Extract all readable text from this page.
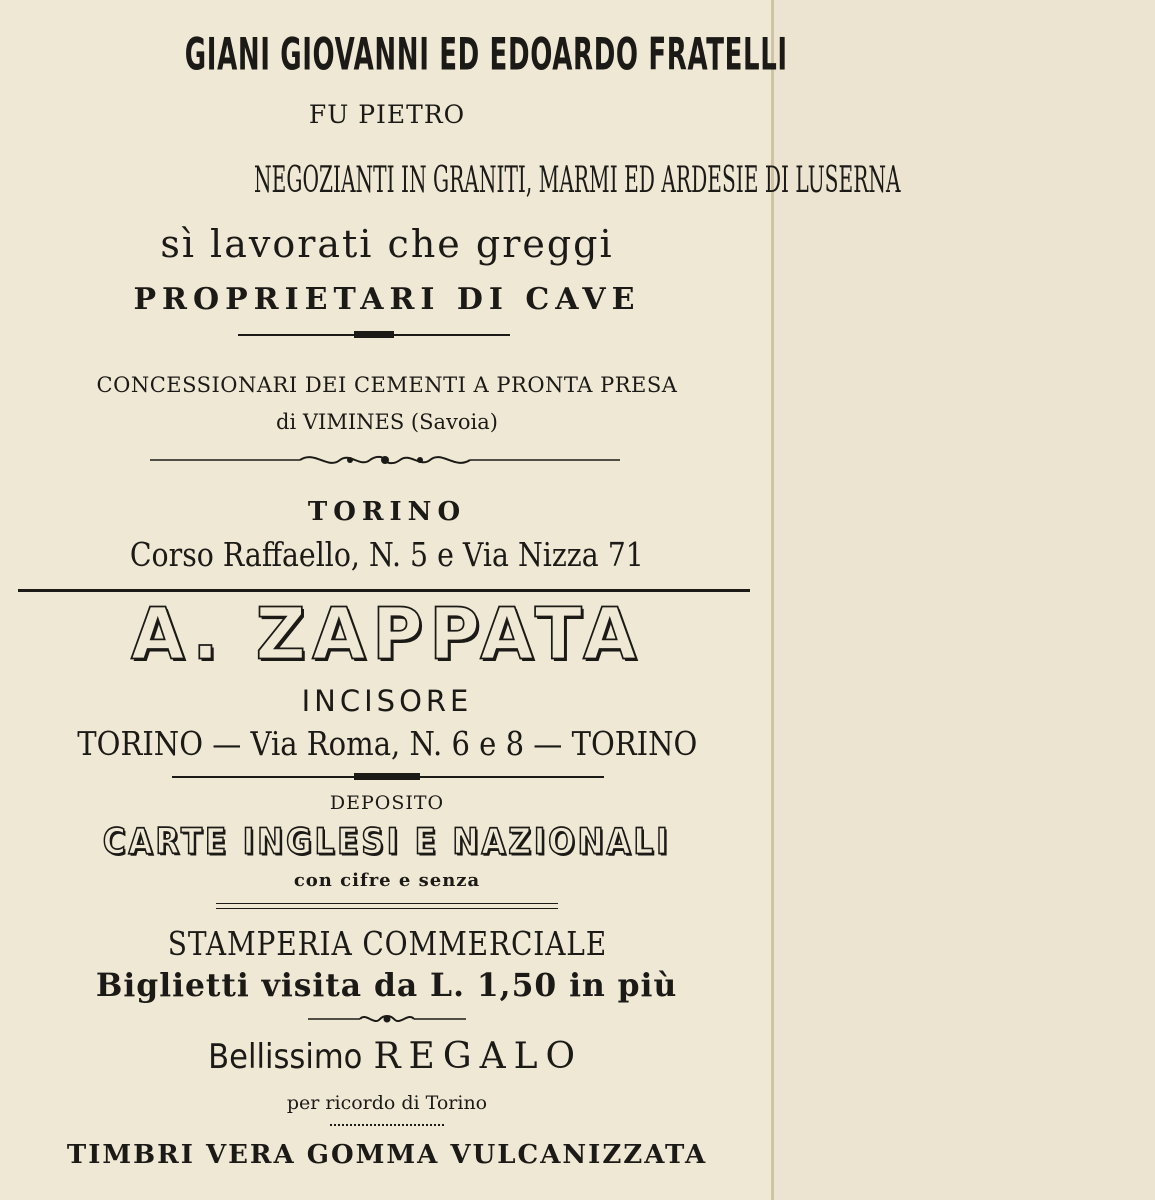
GIANI GIOVANNI ED EDOARDO FRATELLI
FU PIETRO
NEGOZIANTI IN GRANITI, MARMI ED ARDESIE DI LUSERNA
sì lavorati che greggi
PROPRIETARI DI CAVE
CONCESSIONARI DEI CEMENTI A PRONTA PRESA
di VIMINES (Savoia)
TORINO
Corso Raffaello, N. 5 e Via Nizza 71
A. ZAPPATA
INCISORE
TORINO — Via Roma, N. 6 e 8 — TORINO
DEPOSITO
CARTE INGLESI E NAZIONALI
con cifre e senza
STAMPERIA COMMERCIALE
Biglietti visita da L. 1,50 in più
Bellissimo REGALO
per ricordo di Torino
TIMBRI VERA GOMMA VULCANIZZATA
